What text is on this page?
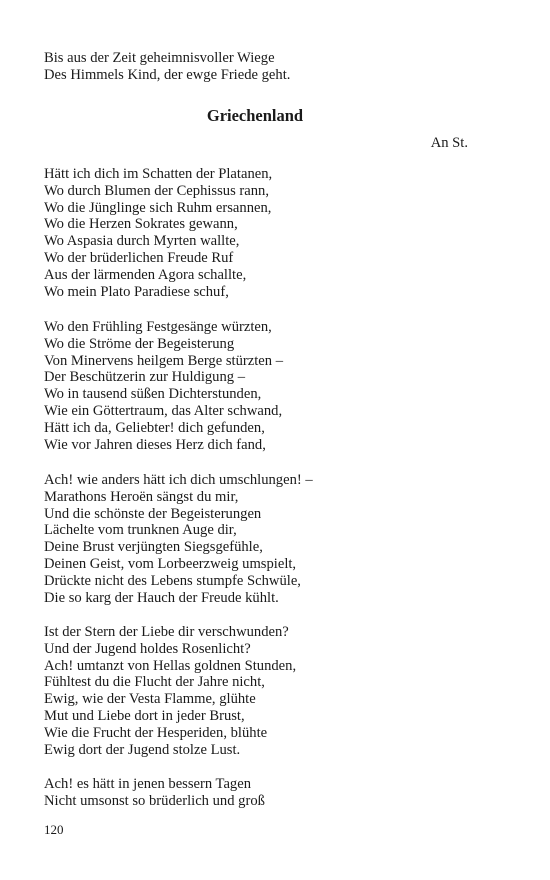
Bis aus der Zeit geheimnisvoller Wiege
Des Himmels Kind, der ewge Friede geht.
Griechenland
An St.
Hätt ich dich im Schatten der Platanen,
Wo durch Blumen der Cephissus rann,
Wo die Jünglinge sich Ruhm ersannen,
Wo die Herzen Sokrates gewann,
Wo Aspasia durch Myrten wallte,
Wo der brüderlichen Freude Ruf
Aus der lärmenden Agora schallte,
Wo mein Plato Paradiese schuf,
Wo den Frühling Festgesänge würzten,
Wo die Ströme der Begeisterung
Von Minervens heilgem Berge stürzten –
Der Beschützerin zur Huldigung –
Wo in tausend süßen Dichterstunden,
Wie ein Göttertraum, das Alter schwand,
Hätt ich da, Geliebter! dich gefunden,
Wie vor Jahren dieses Herz dich fand,
Ach! wie anders hätt ich dich umschlungen! –
Marathons Heroën sängst du mir,
Und die schönste der Begeisterungen
Lächelte vom trunknen Auge dir,
Deine Brust verjüngten Siegsgefühle,
Deinen Geist, vom Lorbeerzweig umspielt,
Drückte nicht des Lebens stumpfe Schwüle,
Die so karg der Hauch der Freude kühlt.
Ist der Stern der Liebe dir verschwunden?
Und der Jugend holdes Rosenlicht?
Ach! umtanzt von Hellas goldnen Stunden,
Fühltest du die Flucht der Jahre nicht,
Ewig, wie der Vesta Flamme, glühte
Mut und Liebe dort in jeder Brust,
Wie die Frucht der Hesperiden, blühte
Ewig dort der Jugend stolze Lust.
Ach! es hätt in jenen bessern Tagen
Nicht umsonst so brüderlich und groß
120
